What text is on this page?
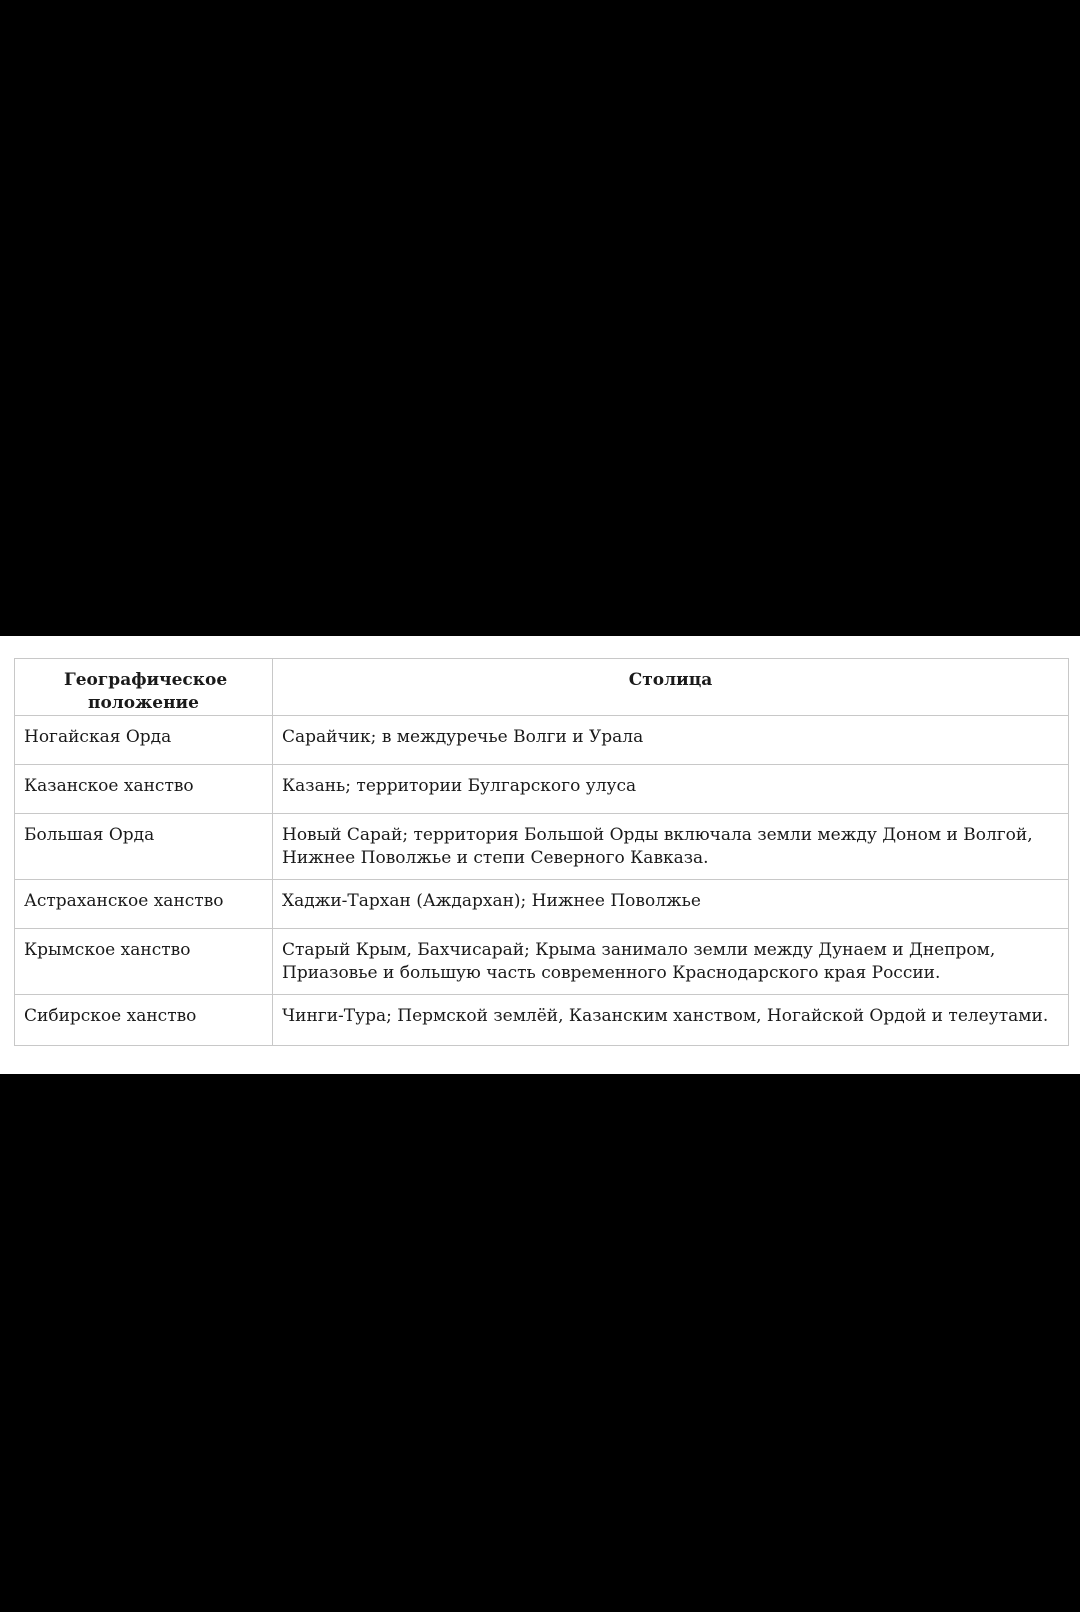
Географическое положение	Столица

Ногайская Орда	Сарайчик; в междуречье Волги и Урала
Казанское ханство	Казань; территории Булгарского улуса
Большая Орда	Новый Сарай; территория Большой Орды включала земли между Доном и Волгой, Нижнее Поволжье и степи Северного Кавказа.
Астраханское ханство	Хаджи-Тархан (Аждархан); Нижнее Поволжье
Крымское ханство	Старый Крым, Бахчисарай; Крыма занимало земли между Дунаем и Днепром, Приазовье и большую часть современного Краснодарского края России.
Сибирское ханство	Чинги-Тура; Пермской землёй, Казанским ханством, Ногайской Ордой и телеутами.
